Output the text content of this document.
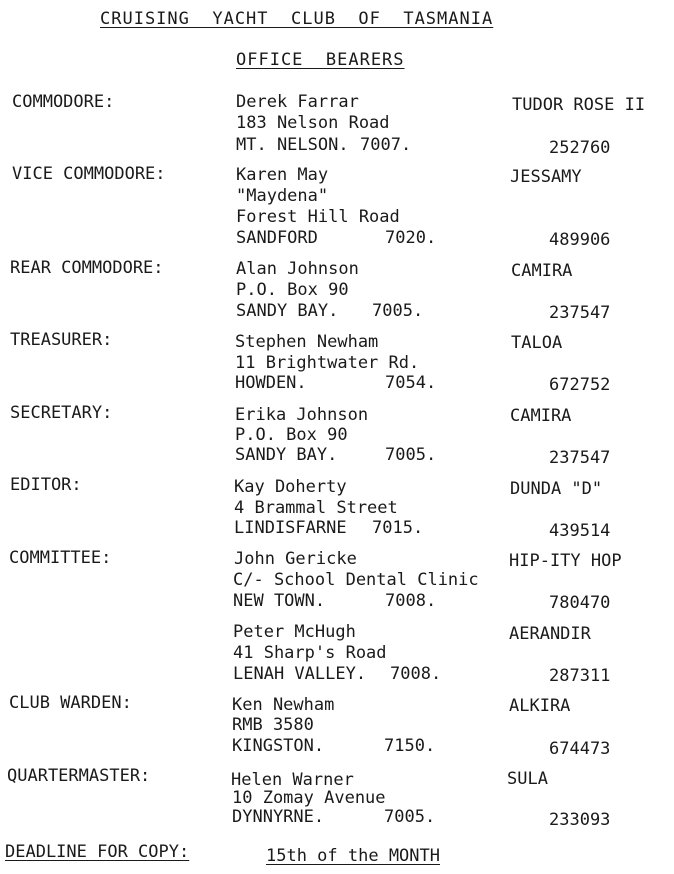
CRUISING  YACHT  CLUB  OF  TASMANIA
OFFICE  BEARERS
COMMODORE:	Derek Farrar	TUDOR ROSE II
183 Nelson Road
MT. NELSON. 7007.	252760
VICE COMMODORE:	Karen May	JESSAMY
"Maydena"
Forest Hill Road
SANDFORD	7020.	489906
REAR COMMODORE:	Alan Johnson	CAMIRA
P.O. Box 90
SANDY BAY. 7005.	237547
TREASURER:	Stephen Newham	TALOA
11 Brightwater Rd.
HOWDEN.	7054.	672752
SECRETARY:	Erika Johnson	CAMIRA
P.O. Box 90
SANDY BAY.	7005.	237547
EDITOR:	Kay Doherty	DUNDA "D"
4 Brammal Street
LINDISFARNE 7015.	439514
COMMITTEE:	John Gericke	HIP-ITY HOP
C/- School Dental Clinic
NEW TOWN.	7008.	780470
Peter McHugh	AERANDIR
41 Sharp's Road
LENAH VALLEY. 7008.	287311
CLUB WARDEN:	Ken Newham	ALKIRA
RMB 3580
KINGSTON.	7150.	674473
QUARTERMASTER:	Helen Warner	SULA
10 Zomay Avenue
DYNNYRNE.	7005.	233093
DEADLINE FOR COPY:	15th of the MONTH
